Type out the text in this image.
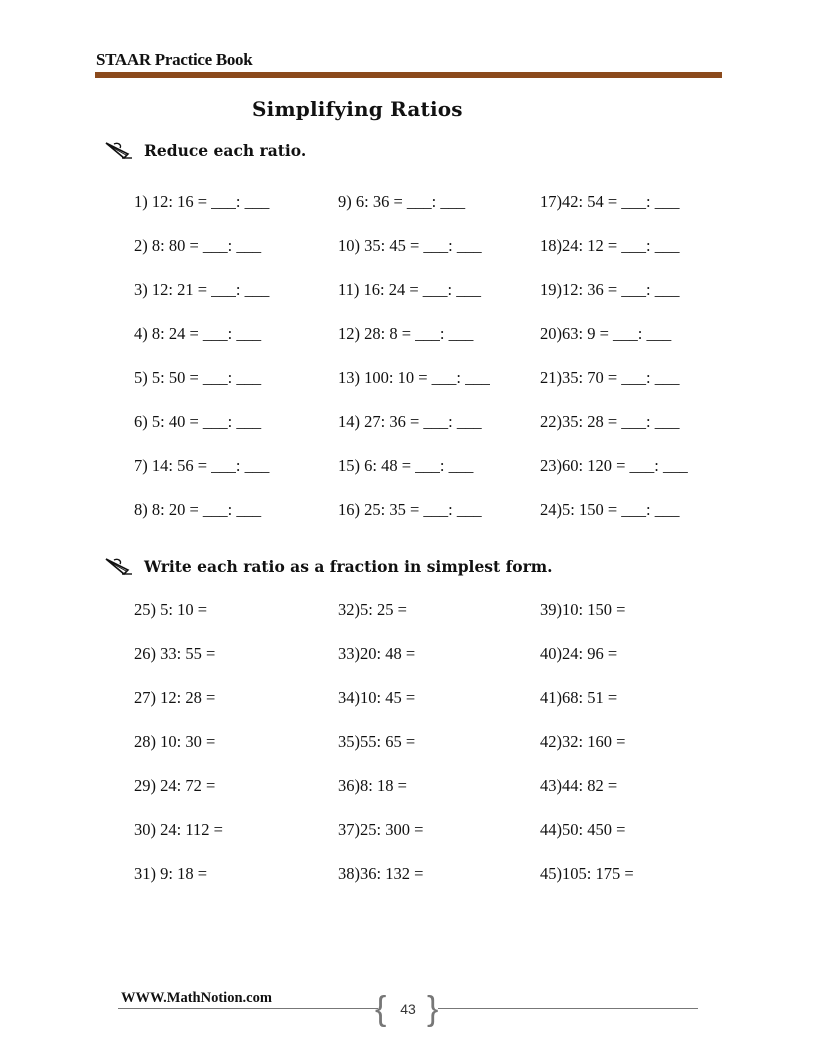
STAAR Practice Book
Simplifying Ratios
Reduce each ratio.
1) 12: 16 = ___: ___
2) 8: 80 = ___: ___
3) 12: 21 = ___: ___
4) 8: 24 = ___: ___
5) 5: 50 = ___: ___
6) 5: 40 = ___: ___
7) 14: 56 = ___: ___
8) 8: 20 = ___: ___
9) 6: 36 = ___: ___
10) 35: 45 = ___: ___
11) 16: 24 = ___: ___
12) 28: 8 = ___: ___
13) 100: 10 = ___: ___
14) 27: 36 = ___: ___
15) 6: 48 = ___: ___
16) 25: 35 = ___: ___
17)42: 54 = ___: ___
18)24: 12 = ___: ___
19)12: 36 = ___: ___
20)63: 9 = ___: ___
21)35: 70 = ___: ___
22)35: 28 = ___: ___
23)60: 120 = ___: ___
24)5: 150 = ___: ___
Write each ratio as a fraction in simplest form.
25) 5: 10 =
26) 33: 55 =
27) 12: 28 =
28) 10: 30 =
29) 24: 72 =
30) 24: 112 =
31) 9: 18 =
32)5: 25 =
33)20: 48 =
34)10: 45 =
35)55: 65 =
36)8: 18 =
37)25: 300 =
38)36: 132 =
39)10: 150 =
40)24: 96 =
41)68: 51 =
42)32: 160 =
43)44: 82 =
44)50: 450 =
45)105: 175 =
WWW.MathNotion.com	{ }
43
